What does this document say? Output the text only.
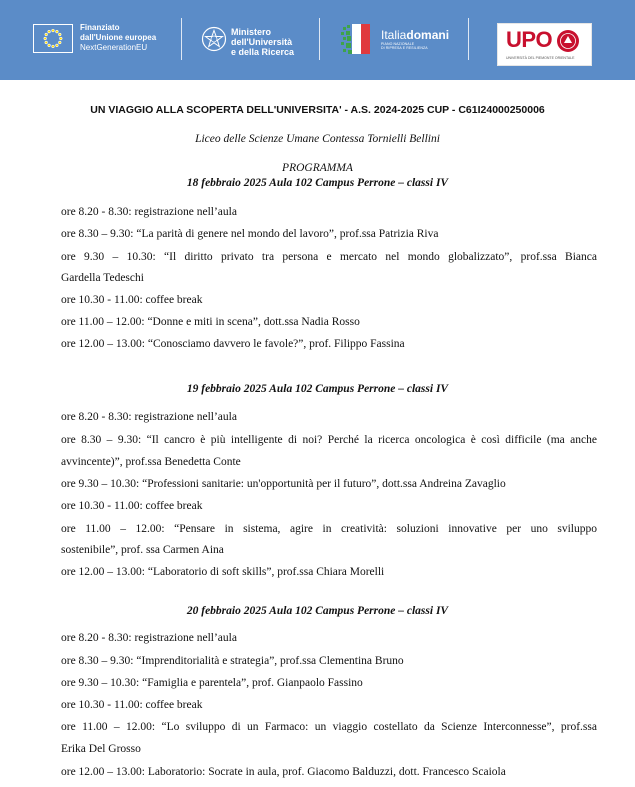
Finanziato
dall'Unione europea
NextGenerationEU
Ministero
dell'Università
e della Ricerca
Italiadomani
PIANO NAZIONALE
DI RIPRESA E RESILIENZA	UPO
UNIVERSITÀ DEL PIEMONTE ORIENTALE
UN VIAGGIO ALLA SCOPERTA DELL'UNIVERSITA' - A.S. 2024-2025 CUP - C61I24000250006
Liceo delle Scienze Umane Contessa Tornielli Bellini
PROGRAMMA
18 febbraio 2025 Aula 102 Campus Perrone – classi IV
ore 8.20 - 8.30: registrazione nell’aula
ore 8.30 – 9.30: “La parità di genere nel mondo del lavoro”, prof.ssa Patrizia Riva
ore 9.30 – 10.30: “Il diritto privato tra persona e mercato nel mondo globalizzato”, prof.ssa Bianca
Gardella Tedeschi
ore 10.30 - 11.00: coffee break
ore 11.00 – 12.00: “Donne e miti in scena”, dott.ssa Nadia Rosso
ore 12.00 – 13.00: “Conosciamo davvero le favole?”, prof. Filippo Fassina
19 febbraio 2025 Aula 102 Campus Perrone – classi IV
ore 8.20 - 8.30: registrazione nell’aula
ore 8.30 – 9.30: “Il cancro è più intelligente di noi? Perché la ricerca oncologica è così difficile (ma anche
avvincente)”, prof.ssa Benedetta Conte
ore 9.30 – 10.30: “Professioni sanitarie: un'opportunità per il futuro”, dott.ssa Andreina Zavaglio
ore 10.30 - 11.00: coffee break
ore 11.00 – 12.00: “Pensare in sistema, agire in creatività: soluzioni innovative per uno sviluppo
sostenibile”, prof. ssa Carmen Aina
ore 12.00 – 13.00: “Laboratorio di soft skills”, prof.ssa Chiara Morelli
20 febbraio 2025 Aula 102 Campus Perrone – classi IV
ore 8.20 - 8.30: registrazione nell’aula
ore 8.30 – 9.30: “Imprenditorialità e strategia”, prof.ssa Clementina Bruno
ore 9.30 – 10.30: “Famiglia e parentela”, prof. Gianpaolo Fassino
ore 10.30 - 11.00: coffee break
ore 11.00 – 12.00: “Lo sviluppo di un Farmaco: un viaggio costellato da Scienze Interconnesse”, prof.ssa
Erika Del Grosso
ore 12.00 – 13.00: Laboratorio: Socrate in aula, prof. Giacomo Balduzzi, dott. Francesco Scaiola
